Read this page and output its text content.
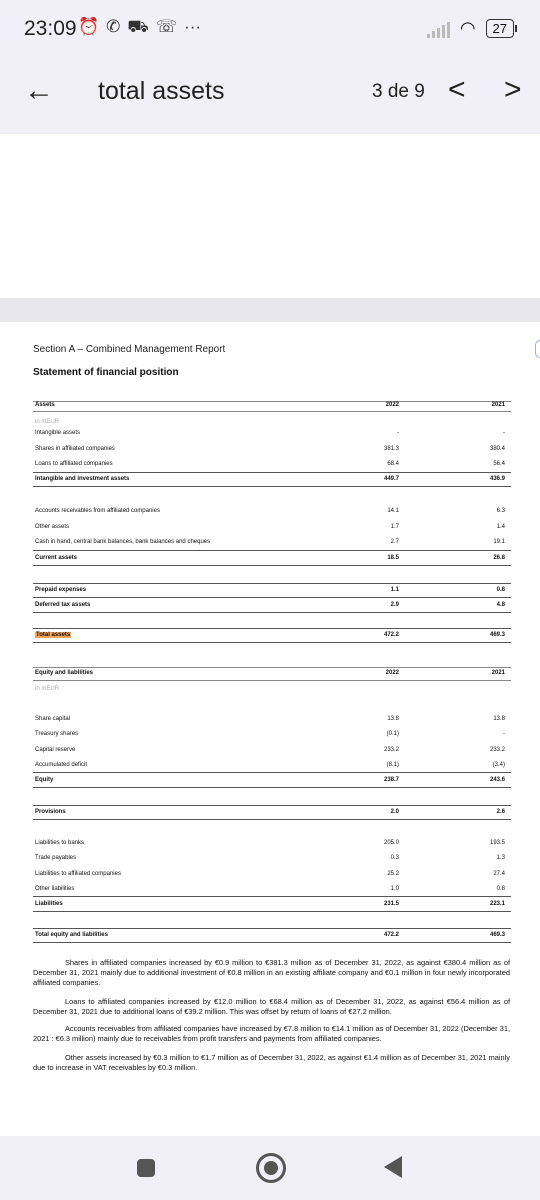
23:09 ⏰ ✆ ⛟ ☏ ···	◠	27
← total assets	3 de 9 < >
Section A – Combined Management Report
Statement of financial position
Assets	2022	2021
in mEUR
Intangible assets	-	-
Shares in affiliated companies	381.3	380.4
Loans to affiliated companies	68.4	56.4
Intangible and investment assets	449.7	436.9
Accounts receivables from affiliated companies	14.1	6.3
Other assets	1.7	1.4
Cash in hand, central bank balances, bank balances and cheques	2.7	19.1
Current assets	18.5	26.8
Prepaid expenses	1.1	0.8
Deferred tax assets	2.9	4.8
Total assets	472.2	469.3
Equity and liabilities	2022	2021
in mEUR
Share capital	13.8	13.8
Treasury shares	(0.1)	-
Capital reserve	233.2	233.2
Accumulated deficit	(8.1)	(3.4)
Equity	238.7	243.6
Provisions	2.0	2.6
Liabilities to banks	205.0	193.5
Trade payables	0.3	1.3
Liabilities to affiliated companies	25.2	27.4
Other liabilities	1.0	0.8
Liabilities	231.5	223.1
Total equity and liabilities	472.2	469.3
Shares in affiliated companies increased by €0.9 million to €381.3 million as of December 31, 2022, as against €380.4 million as of December 31, 2021 mainly due to additional investment of €0.8 million in an existing affiliate company and €0.1 million in four newly incorporated affiliated companies.
Loans to affiliated companies increased by €12.0 million to €68.4 million as of December 31, 2022, as against €56.4 million as of December 31, 2021 due to additional loans of €39.2 million. This was offset by return of loans of €27.2 million.
Accounts receivables from affiliated companies have increased by €7.8 million to €14.1 million as of December 31, 2022 (December 31, 2021 : €6.3 million) mainly due to receivables from profit transfers and payments from affiliated companies.
Other assets increased by €0.3 million to €1.7 million as of December 31, 2022, as against €1.4 million as of December 31, 2021 mainly due to increase in VAT receivables by €0.3 million.
